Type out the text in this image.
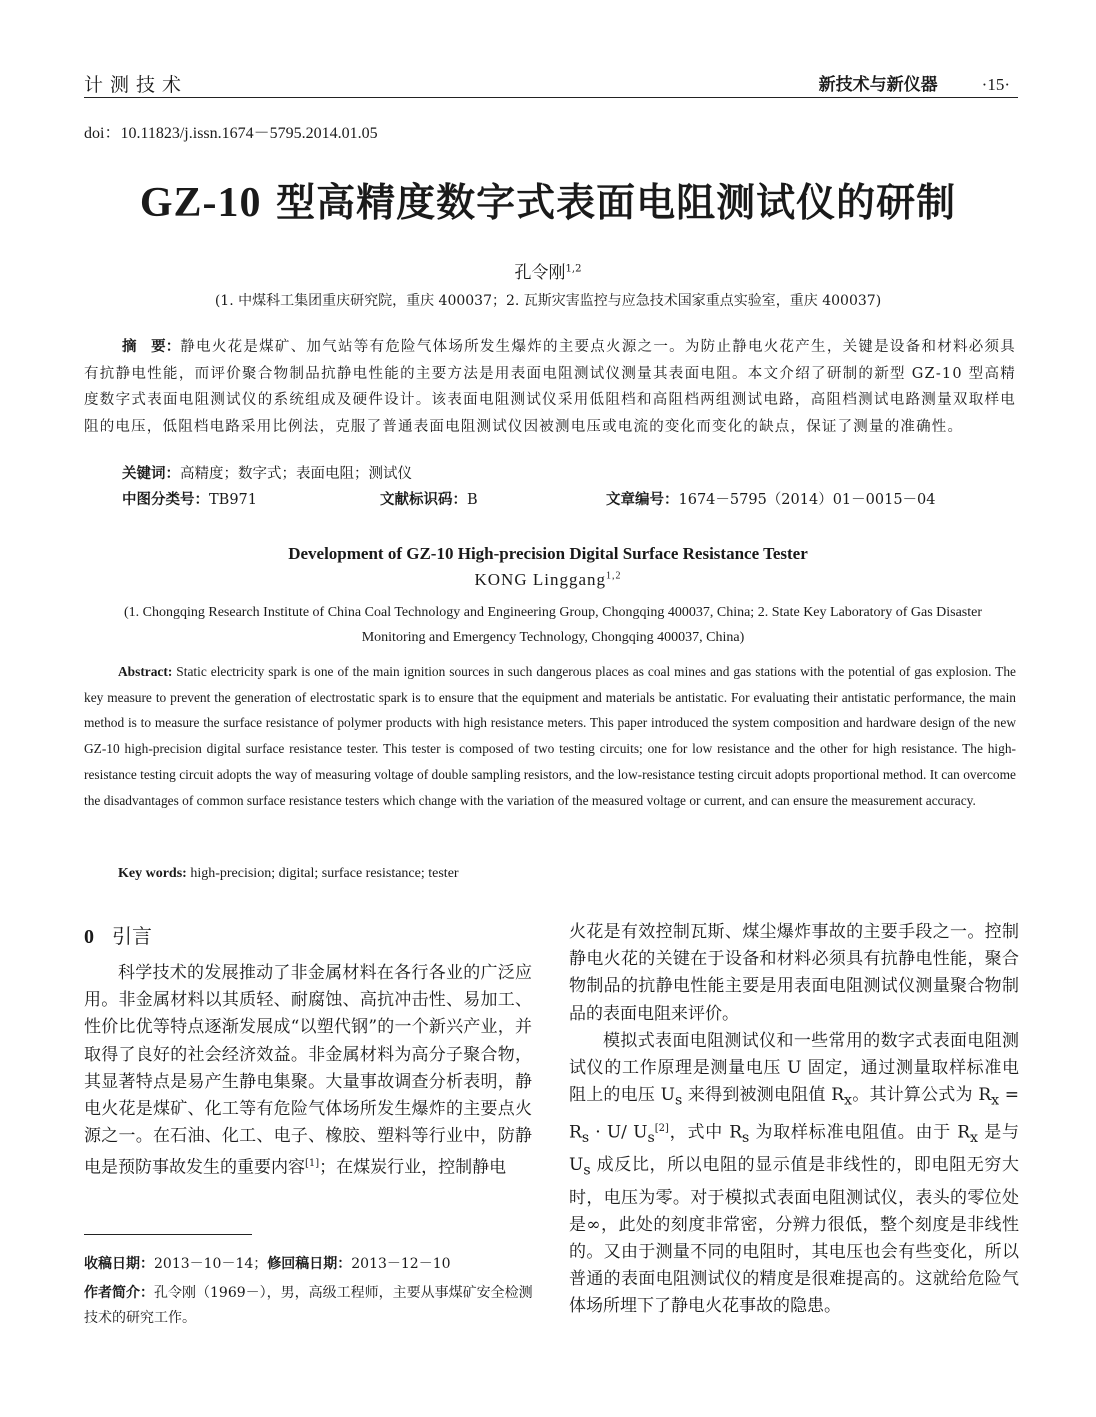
计测技术	新技术与新仪器	·15·
doi：10.11823/j.issn.1674－5795.2014.01.05
GZ-10 型高精度数字式表面电阻测试仪的研制
孔令刚$^{1,2}$
(1. 中煤科工集团重庆研究院，重庆 400037；2. 瓦斯灾害监控与应急技术国家重点实验室，重庆 400037)
摘　要：静电火花是煤矿、加气站等有危险气体场所发生爆炸的主要点火源之一。为防止静电火花产生，关键是设备和材料必须具有抗静电性能，而评价聚合物制品抗静电性能的主要方法是用表面电阻测试仪测量其表面电阻。本文介绍了研制的新型 GZ-10 型高精度数字式表面电阻测试仪的系统组成及硬件设计。该表面电阻测试仪采用低阻档和高阻档两组测试电路，高阻档测试电路测量双取样电阻的电压，低阻档电路采用比例法，克服了普通表面电阻测试仪因被测电压或电流的变化而变化的缺点，保证了测量的准确性。
关键词：高精度；数字式；表面电阻；测试仪
中图分类号：TB971	文献标识码：B	文章编号：1674－5795（2014）01－0015－04
Development of GZ-10 High-precision Digital Surface Resistance Tester
KONG Linggang$^{1,2}$
(1. Chongqing Research Institute of China Coal Technology and Engineering Group, Chongqing 400037, China; 2. State Key Laboratory of Gas Disaster Monitoring and Emergency Technology, Chongqing 400037, China)
Abstract: Static electricity spark is one of the main ignition sources in such dangerous places as coal mines and gas stations with the potential of gas explosion. The key measure to prevent the generation of electrostatic spark is to ensure that the equipment and materials be antistatic. For evaluating their antistatic performance, the main method is to measure the surface resistance of polymer products with high resistance meters. This paper introduced the system composition and hardware design of the new GZ-10 high-precision digital surface resistance tester. This tester is composed of two testing circuits; one for low resistance and the other for high resistance. The high-resistance testing circuit adopts the way of measuring voltage of double sampling resistors, and the low-resistance testing circuit adopts proportional method. It can overcome the disadvantages of common surface resistance testers which change with the variation of the measured voltage or current, and can ensure the measurement accuracy.
Key words: high-precision; digital; surface resistance; tester
0 引言

科学技术的发展推动了非金属材料在各行各业的广泛应用。非金属材料以其质轻、耐腐蚀、高抗冲击性、易加工、性价比优等特点逐渐发展成“以塑代钢”的一个新兴产业，并取得了良好的社会经济效益。非金属材料为高分子聚合物，其显著特点是易产生静电集聚。大量事故调查分析表明，静电火花是煤矿、化工等有危险气体场所发生爆炸的主要点火源之一。在石油、化工、电子、橡胶、塑料等行业中，防静电是预防事故发生的重要内容[1]；在煤炭行业，控制静电

收稿日期：2013－10－14；修回稿日期：2013－12－10
作者简介：孔令刚（1969－），男，高级工程师，主要从事煤矿安全检测技术的研究工作。

火花是有效控制瓦斯、煤尘爆炸事故的主要手段之一。控制静电火花的关键在于设备和材料必须具有抗静电性能，聚合物制品的抗静电性能主要是用表面电阻测试仪测量聚合物制品的表面电阻来评价。

模拟式表面电阻测试仪和一些常用的数字式表面电阻测试仪的工作原理是测量电压 U 固定，通过测量取样标准电阻上的电压 $U_s$ 来得到被测电阻值 $R_x$。其计算公式为 $R_x = R_s \cdot U/$ $U_s[2]$，式中 $R_s$ 为取样标准电阻值。由于 $R_x$ 是与 $U_s$ 成反比，所以电阻的显示值是非线性的，即电阻无穷大时，电压为零。对于模拟式表面电阻测试仪，表头的零位处是∞，此处的刻度非常密，分辨力很低，整个刻度是非线性的。又由于测量不同的电阻时，其电压也会有些变化，所以普通的表面电阻测试仪的精度是很难提高的。这就给危险气体场所埋下了静电火花事故的隐患。
